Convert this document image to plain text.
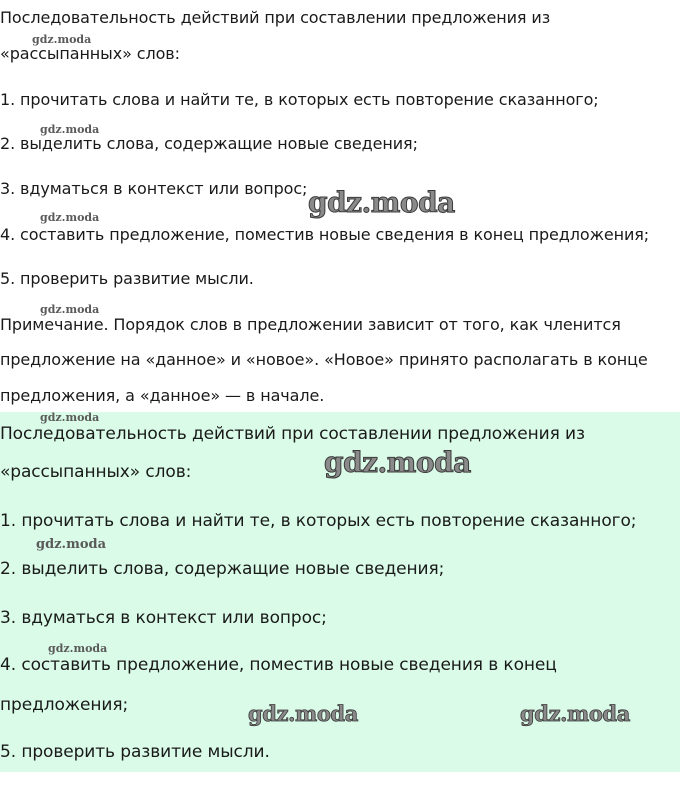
Последовательность действий при составлении предложения из

«рассыпанных» слов:

1. прочитать слова и найти те, в которых есть повторение сказанного;

2. выделить слова, содержащие новые сведения;

3. вдуматься в контекст или вопрос;

4. составить предложение, поместив новые сведения в конец предложения;

5. проверить развитие мысли.

Примечание. Порядок слов в предложении зависит от того, как членится

предложение на «данное» и «новое». «Новое» принято располагать в конце

предложения, а «данное» — в начале.

Последовательность действий при составлении предложения из

«рассыпанных» слов:

1. прочитать слова и найти те, в которых есть повторение сказанного;

2. выделить слова, содержащие новые сведения;

3. вдуматься в контекст или вопрос;

4. составить предложение, поместив новые сведения в конец

предложения;

5. проверить развитие мысли.

gdz.moda
gdz.moda
gdz.moda
gdz.moda
gdz.moda
gdz.moda
gdz.moda
gdz.moda
gdz.moda
gdz.moda	gdz.moda
